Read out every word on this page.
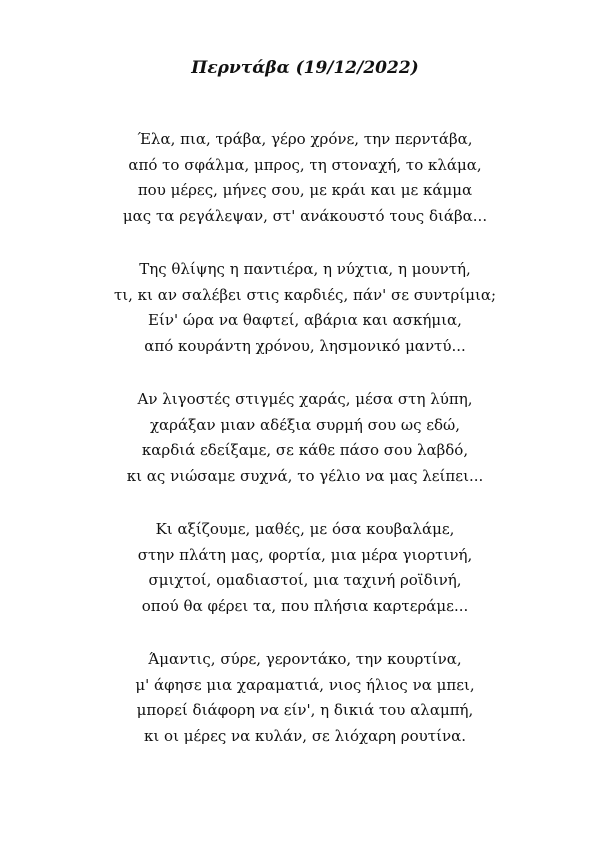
Περντάβα (19/12/2022)
Έλα, πια, τράβα, γέρο χρόνε, την περντάβα,
από το σφάλμα, μπρος, τη στοναχή, το κλάμα,
που μέρες, μήνες σου, με κράι και με κάμμα
μας τα ρεγάλεψαν, στ' ανάκουστό τους διάβα...
Της θλίψης η παντιέρα, η νύχτια, η μουντή,
τι, κι αν σαλέβει στις καρδιές, πάν' σε συντρίμια;
Είν' ώρα να θαφτεί, αβάρια και ασκήμια,
από κουράντη χρόνου, λησμονικό μαντύ...
Αν λιγοστές στιγμές χαράς, μέσα στη λύπη,
χαράξαν μιαν αδέξια συρμή σου ως εδώ,
καρδιά εδείξαμε, σε κάθε πάσο σου λαβδό,
κι ας νιώσαμε συχνά, το γέλιο να μας λείπει...
Κι αξίζουμε, μαθές, με όσα κουβαλάμε,
στην πλάτη μας, φορτία, μια μέρα γιορτινή,
σμιχτοί, ομαδιαστοί, μια ταχινή ροϊδινή,
οπού θα φέρει τα, που πλήσια καρτεράμε...
Άμαντις, σύρε, γεροντάκο, την κουρτίνα,
μ' άφησε μια χαραματιά, νιος ήλιος να μπει,
μπορεί διάφορη να είν', η δικιά του αλαμπή,
κι οι μέρες να κυλάν, σε λιόχαρη ρουτίνα.
